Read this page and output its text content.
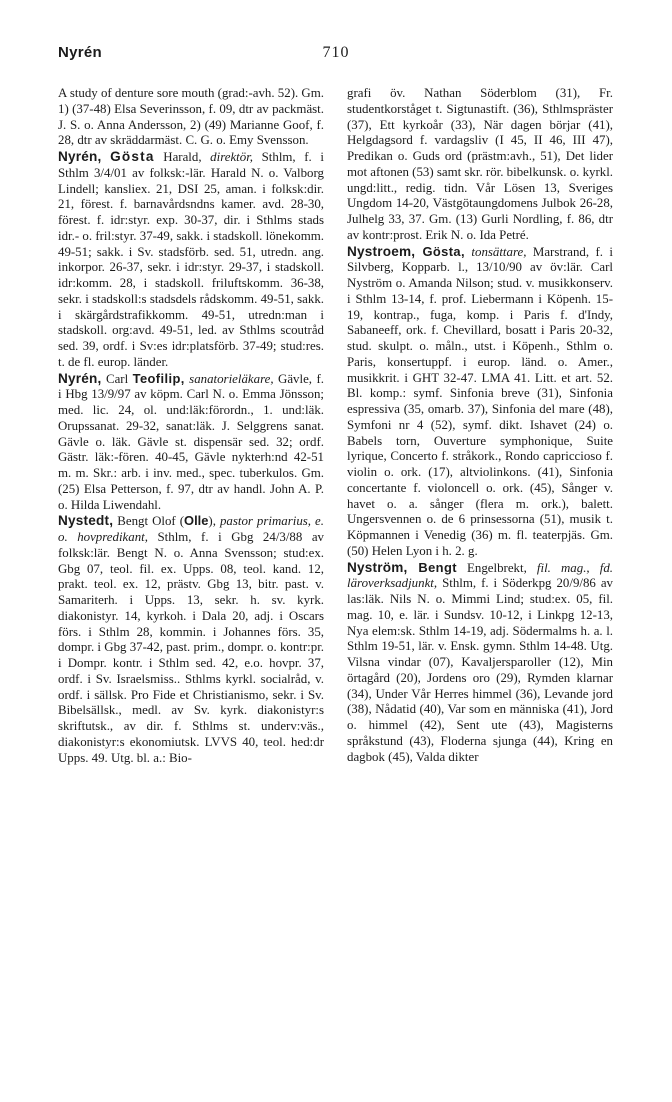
Nyrén	710

A study of denture sore mouth (grad:-avh. 52). Gm. 1) (37-48) Elsa Severinsson, f. 09, dtr av packmäst. J. S. o. Anna Andersson, 2) (49) Marianne Goof, f. 28, dtr av skräddarmäst. C. G. o. Emy Svensson.

Nyrén, Gösta Harald, direktör, Sthlm, f. i Sthlm 3/4/01 av folksk:-lär. Harald N. o. Valborg Lindell; kansliex. 21, DSI 25, aman. i folksk:dir. 21, förest. f. barnavårdsndns kamer. avd. 28-30, förest. f. idr:styr. exp. 30-37, dir. i Sthlms stads idr.- o. fril:styr. 37-49, sakk. i stadskoll. lönekomm. 49-51; sakk. i Sv. stadsförb. sed. 51, utredn. ang. inkorpor. 26-37, sekr. i idr:styr. 29-37, i stadskoll. idr:komm. 28, i stadskoll. friluftskomm. 36-38, sekr. i stadskoll:s stadsdels rådskomm. 49-51, sakk. i skärgårdstrafikkomm. 49-51, utredn:man i stadskoll. org:avd. 49-51, led. av Sthlms scoutråd sed. 39, ordf. i Sv:es idr:platsförb. 37-49; stud:res. t. de fl. europ. länder.

Nyrén, Carl Teofilip, sanatorieläkare, Gävle, f. i Hbg 13/9/97 av köpm. Carl N. o. Emma Jönsson; med. lic. 24, ol. und:läk:förordn., 1. und:läk. Orupssanat. 29-32, sanat:läk. J. Selggrens sanat. Gävle o. läk. Gävle st. dispensär sed. 32; ordf. Gästr. läk:-fören. 40-45, Gävle nykterh:nd 42-51 m. m. Skr.: arb. i inv. med., spec. tuberkulos. Gm. (25) Elsa Petterson, f. 97, dtr av handl. John A. P. o. Hilda Liwendahl.

Nystedt, Bengt Olof (Olle), pastor primarius, e. o. hovpredikant, Sthlm, f. i Gbg 24/3/88 av folksk:lär. Bengt N. o. Anna Svensson; stud:ex. Gbg 07, teol. fil. ex. Upps. 08, teol. kand. 12, prakt. teol. ex. 12, prästv. Gbg 13, bitr. past. v. Samariterh. i Upps. 13, sekr. h. sv. kyrk. diakonistyr. 14, kyrkoh. i Dala 20, adj. i Oscars förs. i Sthlm 28, kommin. i Johannes förs. 35, dompr. i Gbg 37-42, past. prim., dompr. o. kontr:pr. i Dompr. kontr. i Sthlm sed. 42, e.o. hovpr. 37, ordf. i Sv. Israelsmiss.. Sthlms kyrkl. socialråd, v. ordf. i sällsk. Pro Fide et Christianismo, sekr. i Sv. Bibelsällsk., medl. av Sv. kyrk. diakonistyr:s skriftutsk., av dir. f. Sthlms st. underv:väs., diakonistyr:s ekonomiutsk. LVVS 40, teol. hed:dr Upps. 49. Utg. bl. a.: Bio-

grafi öv. Nathan Söderblom (31), Fr. studentkorståget t. Sigtunastift. (36), Sthlmspräster (37), Ett kyrkoår (33), När dagen börjar (41), Helgdagsord f. vardagsliv (I 45, II 46, III 47), Predikan o. Guds ord (prästm:avh., 51), Det lider mot aftonen (53) samt skr. rör. bibelkunsk. o. kyrkl. ungd:litt., redig. tidn. Vår Lösen 13, Sveriges Ungdom 14-20, Västgötaungdomens Julbok 26-28, Julhelg 33, 37. Gm. (13) Gurli Nordling, f. 86, dtr av kontr:prost. Erik N. o. Ida Petré.

Nystroem, Gösta, tonsättare, Marstrand, f. i Silvberg, Kopparb. l., 13/10/90 av öv:lär. Carl Nyström o. Amanda Nilson; stud. v. musikkonserv. i Sthlm 13-14, f. prof. Liebermann i Köpenh. 15-19, kontrap., fuga, komp. i Paris f. d'Indy, Sabaneeff, ork. f. Chevillard, bosatt i Paris 20-32, stud. skulpt. o. måln., utst. i Köpenh., Sthlm o. Paris, konsertuppf. i europ. länd. o. Amer., musikkrit. i GHT 32-47. LMA 41. Litt. et art. 52. Bl. komp.: symf. Sinfonia breve (31), Sinfonia espressiva (35, omarb. 37), Sinfonia del mare (48), Symfoni nr 4 (52), symf. dikt. Ishavet (24) o. Babels torn, Ouverture symphonique, Suite lyrique, Concerto f. stråkork., Rondo capriccioso f. violin o. ork. (17), altviolinkons. (41), Sinfonia concertante f. violoncell o. ork. (45), Sånger v. havet o. a. sånger (flera m. ork.), balett. Ungersvennen o. de 6 prinsessorna (51), musik t. Köpmannen i Venedig (36) m. fl. teaterpjäs. Gm. (50) Helen Lyon i h. 2. g.

Nyström, Bengt Engelbrekt, fil. mag., fd. läroverksadjunkt, Sthlm, f. i Söderkpg 20/9/86 av las:läk. Nils N. o. Mimmi Lind; stud:ex. 05, fil. mag. 10, e. lär. i Sundsv. 10-12, i Linkpg 12-13, Nya elem:sk. Sthlm 14-19, adj. Södermalms h. a. l. Sthlm 19-51, lär. v. Ensk. gymn. Sthlm 14-48. Utg. Vilsna vindar (07), Kavaljersparoller (12), Min örtagård (20), Jordens oro (29), Rymden klarnar (34), Under Vår Herres himmel (36), Levande jord (38), Nådatid (40), Var som en människa (41), Jord o. himmel (42), Sent ute (43), Magisterns språkstund (43), Floderna sjunga (44), Kring en dagbok (45), Valda dikter
